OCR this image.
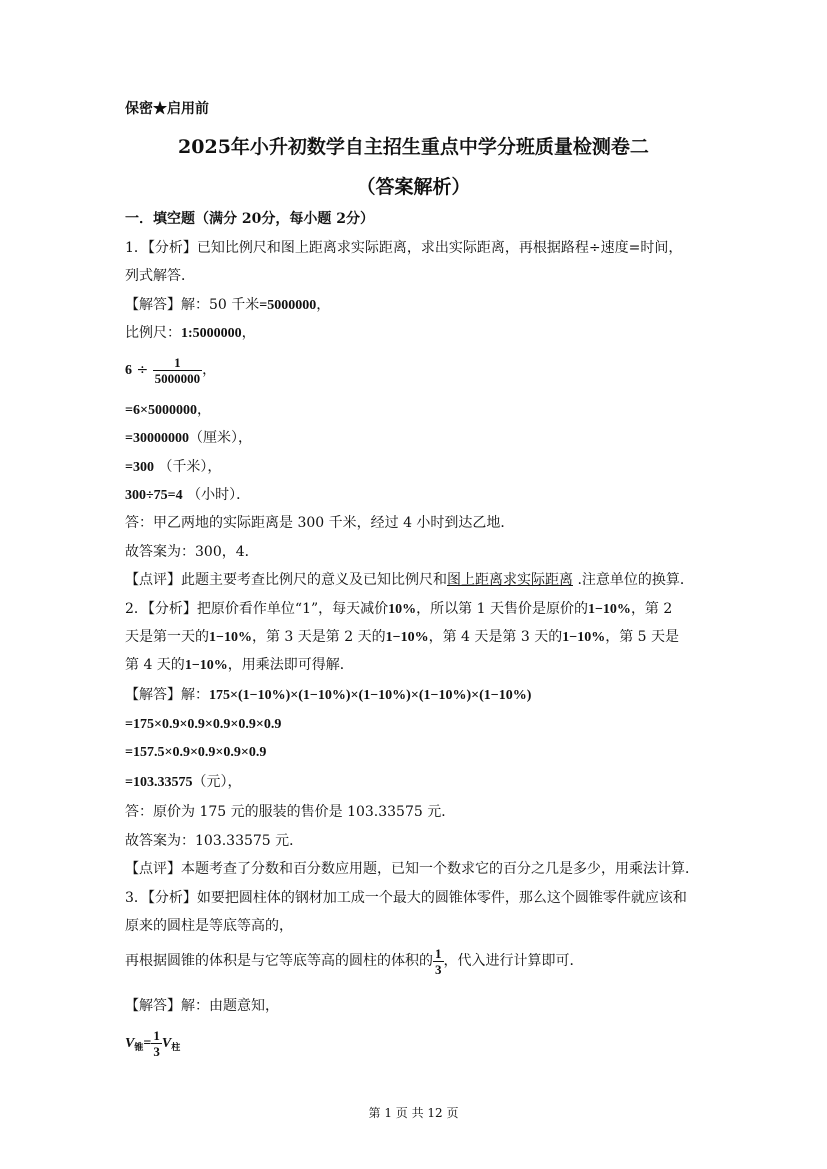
保密★启用前
2025年小升初数学自主招生重点中学分班质量检测卷二
（答案解析）
一．填空题（满分 20分，每小题 2分）
1．【分析】已知比例尺和图上距离求实际距离，求出实际距离，再根据路程÷速度=时间，
列式解答．
【解答】解：50 千米=5000000，
比例尺：1:5000000，
$6 \div \frac{1}{5000000}$ ，
=6×5000000，
=30000000（厘米），
=300 （千米），
300÷75=4 （小时）．
答：甲乙两地的实际距离是 300 千米，经过 4 小时到达乙地．
故答案为：300，4．
【点评】此题主要考查比例尺的意义及已知比例尺和图上距离求实际距离 .注意单位的换算．
2．【分析】把原价看作单位“1”，每天减价10%，所以第 1 天售价是原价的1−10%，第 2
天是第一天的1−10%，第 3 天是第 2 天的1−10%，第 4 天是第 3 天的1−10%，第 5 天是
第 4 天的1−10%，用乘法即可得解．
【解答】解：175×(1−10%)×(1−10%)×(1−10%)×(1−10%)×(1−10%)
=175×0.9×0.9×0.9×0.9×0.9
=157.5×0.9×0.9×0.9×0.9
=103.33575（元），
答：原价为 175 元的服装的售价是 103.33575 元．
故答案为：103.33575 元．
【点评】本题考查了分数和百分数应用题，已知一个数求它的百分之几是多少，用乘法计算．
3．【分析】如要把圆柱体的钢材加工成一个最大的圆锥体零件，那么这个圆锥零件就应该和
原来的圆柱是等底等高的，
再根据圆锥的体积是与它等底等高的圆柱的体积的 $\frac{1}{3}$ ，代入进行计算即可．
【解答】解：由题意知，
$V_锥= \frac{1}{3} V_柱$
第 1 页 共 12 页
